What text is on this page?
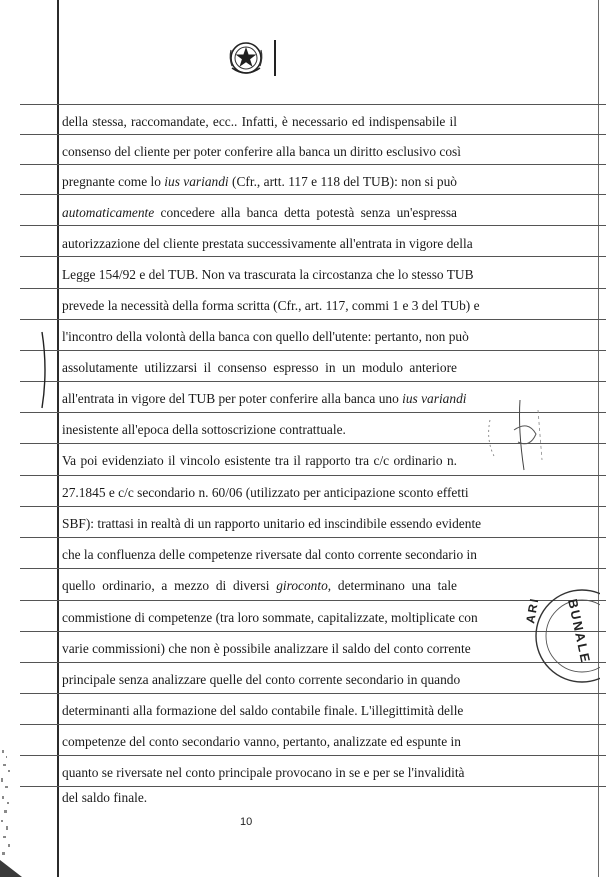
della stessa, raccomandate, ecc.. Infatti, è necessario ed indispensabile il
consenso del cliente per poter conferire alla banca un diritto esclusivo così
pregnante come lo ius variandi (Cfr., artt. 117 e 118 del TUB): non si può
automaticamente concedere alla banca detta potestà senza un'espressa
autorizzazione del cliente prestata successivamente all'entrata in vigore della
Legge 154/92 e del TUB. Non va trascurata la circostanza che lo stesso TUB
prevede la necessità della forma scritta (Cfr., art. 117, commi 1 e 3 del TUb) e
l'incontro della volontà della banca con quello dell'utente: pertanto, non può
assolutamente utilizzarsi il consenso espresso in un modulo anteriore
all'entrata in vigore del TUB per poter conferire alla banca uno ius variandi
inesistente all'epoca della sottoscrizione contrattuale.
Va poi evidenziato il vincolo esistente tra il rapporto tra c/c ordinario n.
27.1845 e c/c secondario n. 60/06 (utilizzato per anticipazione sconto effetti
SBF): trattasi in realtà di un rapporto unitario ed inscindibile essendo evidente
che la confluenza delle competenze riversate dal conto corrente secondario in
quello ordinario, a mezzo di diversi giroconto, determinano una tale
commistione di competenze (tra loro sommate, capitalizzate, moltiplicate con
varie commissioni) che non è possibile analizzare il saldo del conto corrente
principale senza analizzare quelle del conto corrente secondario in quando
determinanti alla formazione del saldo contabile finale. L'illegittimità delle
competenze del conto secondario vanno, pertanto, analizzate ed espunte in
quanto se riversate nel conto principale provocano in se e per se l'invalidità
del saldo finale.
10
BUNALE
ARI
